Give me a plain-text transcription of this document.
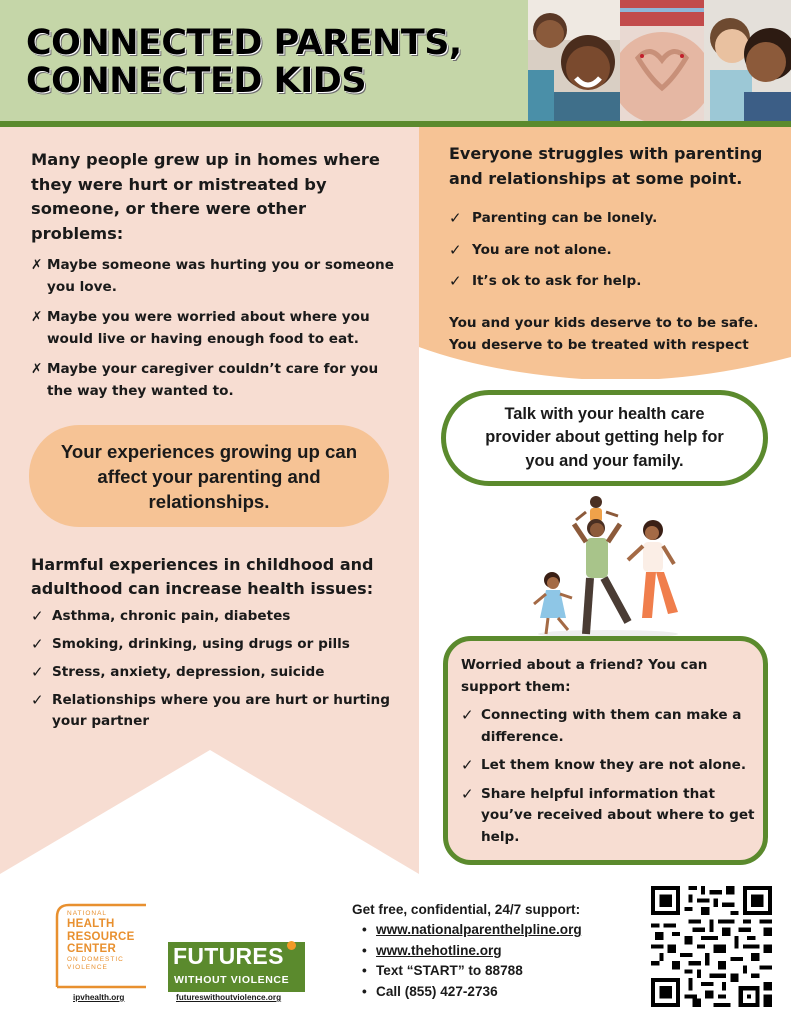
CONNECTED PARENTS,
CONNECTED KIDS

Many people grew up in homes where they were hurt or mistreated by someone, or there were other problems:

✗ Maybe someone was hurting you or someone you love.
✗ Maybe you were worried about where you would live or having enough food to eat.
✗ Maybe your caregiver couldn’t care for you the way they wanted to.
Your experiences growing up can affect your parenting and relationships.

Harmful experiences in childhood and adulthood can increase health issues:

✓ Asthma, chronic pain, diabetes
✓ Smoking, drinking, using drugs or pills
✓ Stress, anxiety, depression, suicide
✓ Relationships where you are hurt or hurting your partner

Everyone struggles with parenting and relationships at some point.

✓ Parenting can be lonely.
✓ You are not alone.
✓ It’s ok to ask for help.

You and your kids deserve to to be safe. You deserve to be treated with respect

Talk with your health care provider about getting help for you and your family.

Worried about a friend? You can support them:

✓ Connecting with them can make a difference.
✓ Let them know they are not alone.
✓ Share helpful information that you’ve received about where to get help.
NATIONAL
HEALTH
RESOURCE
CENTER
ON DOMESTIC
VIOLENCE
ipvhealth.org
FUTURES
WITHOUT VIOLENCE
futureswithoutviolence.org
Get free, confidential, 24/7 support:
• www.nationalparenthelpline.org
• www.thehotline.org
• Text “START” to 88788
• Call (855) 427-2736
